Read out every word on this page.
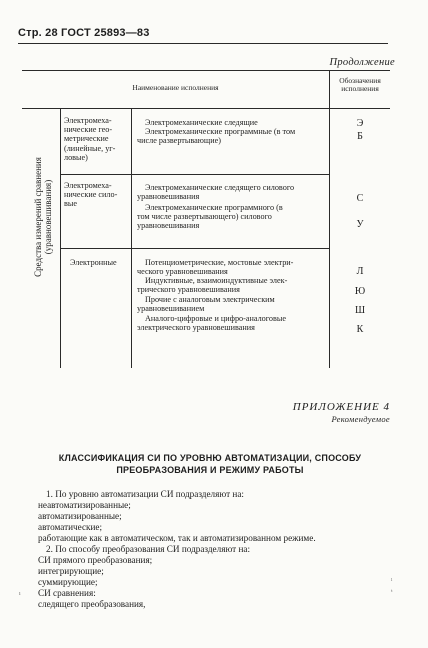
Стр. 28 ГОСТ 25893—83
Продолжение
Наименование исполнения
Обозначения
исполнения
Средства измерений сравнения (уравновешивания)
Электромеха-
нические гео-
метрические
(линейные, уг-
ловые)
Электромеханические следящие	Э
Электромеханические программные (в том
числе развертывающие)	Б
Электромеха-
нические сило-
вые
Электромеханические следящего силового
уравновешивания	С
Электромеханические программного (в
том числе развертывающего) силового
уравновешивания	У
Электронные	Потенциометрические, мостовые электри-
ческого уравновешивания	Л
Индуктивные, взаимоиндуктивные элек-
трического уравновешивания	Ю
Прочие с аналоговым электрическим
уравновешиванием	Ш
Аналого-цифровые и цифро-аналоговые
электрического уравновешивания	К
ПРИЛОЖЕНИЕ 4
Рекомендуемое
КЛАССИФИКАЦИЯ СИ ПО УРОВНЮ АВТОМАТИЗАЦИИ, СПОСОБУ
ПРЕОБРАЗОВАНИЯ И РЕЖИМУ РАБОТЫ
1. По уровню автоматизации СИ подразделяют на:
неавтоматизированные;
автоматизированные;
автоматические;
работающие как в автоматическом, так и автоматизированном режиме.
2. По способу преобразования СИ подразделяют на:
СИ прямого преобразования;
интегрирующие;
суммирующие;
СИ сравнения:
следящего преобразования,
ı
ₗ
ₜ
